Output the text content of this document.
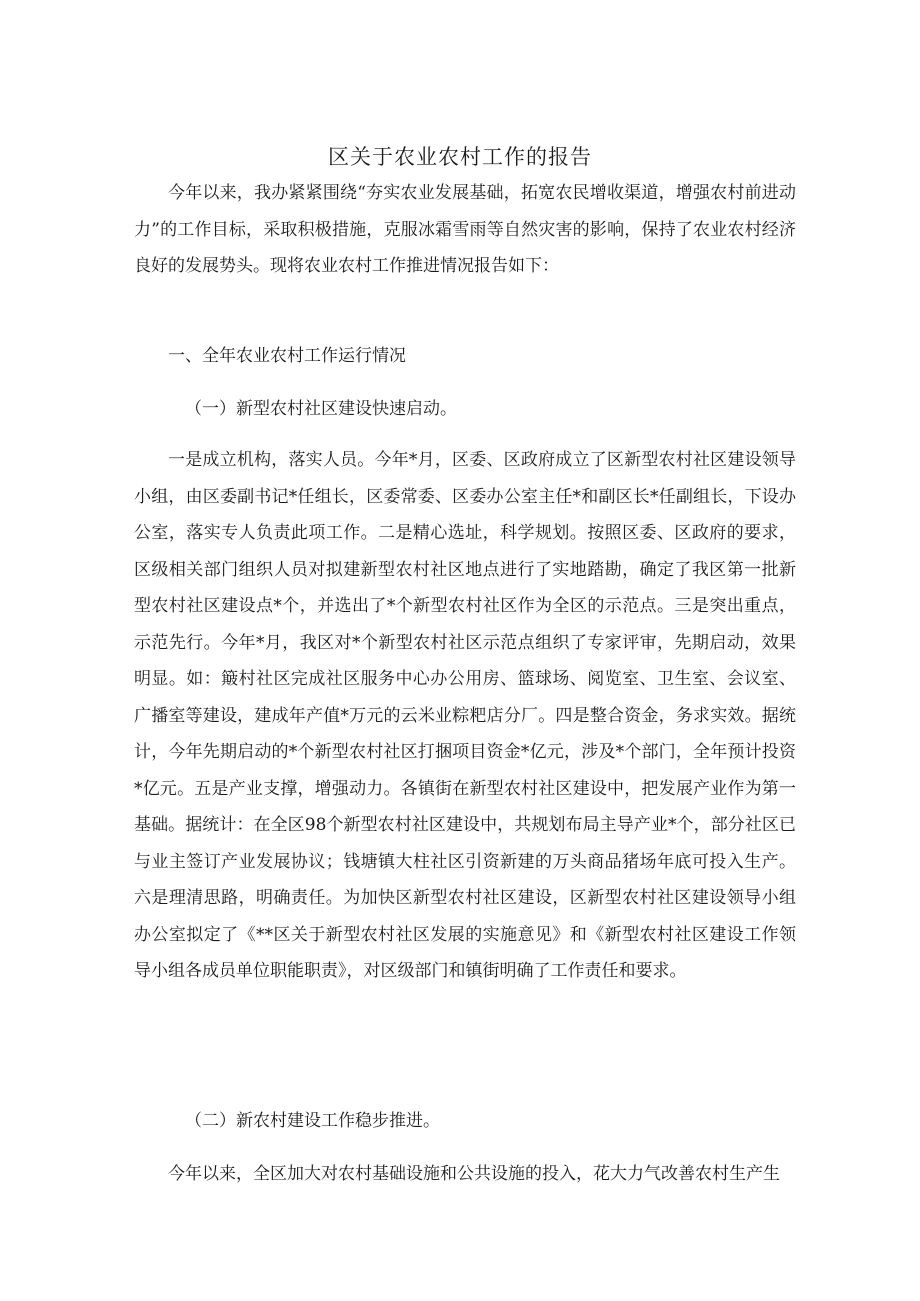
区关于农业农村工作的报告

今年以来，我办紧紧围绕“夯实农业发展基础，拓宽农民增收渠道，增强农村前进动力”的工作目标，采取积极措施，克服冰霜雪雨等自然灾害的影响，保持了农业农村经济良好的发展势头。现将农业农村工作推进情况报告如下：

一、全年农业农村工作运行情况

（一）新型农村社区建设快速启动。

一是成立机构，落实人员。今年*月，区委、区政府成立了区新型农村社区建设领导小组，由区委副书记*任组长，区委常委、区委办公室主任*和副区长*任副组长，下设办公室，落实专人负责此项工作。二是精心选址，科学规划。按照区委、区政府的要求，区级相关部门组织人员对拟建新型农村社区地点进行了实地踏勘，确定了我区第一批新型农村社区建设点*个，并选出了*个新型农村社区作为全区的示范点。三是突出重点，示范先行。今年*月，我区对*个新型农村社区示范点组织了专家评审，先期启动，效果明显。如：簸村社区完成社区服务中心办公用房、篮球场、阅览室、卫生室、会议室、广播室等建设，建成年产值*万元的云米业粽粑店分厂。四是整合资金，务求实效。据统计，今年先期启动的*个新型农村社区打捆项目资金*亿元，涉及*个部门，全年预计投资*亿元。五是产业支撑，增强动力。各镇街在新型农村社区建设中，把发展产业作为第一基础。据统计：在全区98个新型农村社区建设中，共规划布局主导产业*个，部分社区已与业主签订产业发展协议；钱塘镇大柱社区引资新建的万头商品猪场年底可投入生产。六是理清思路，明确责任。为加快区新型农村社区建设，区新型农村社区建设领导小组办公室拟定了《**区关于新型农村社区发展的实施意见》和《新型农村社区建设工作领导小组各成员单位职能职责》，对区级部门和镇街明确了工作责任和要求。

（二）新农村建设工作稳步推进。

今年以来，全区加大对农村基础设施和公共设施的投入，花大力气改善农村生产生
